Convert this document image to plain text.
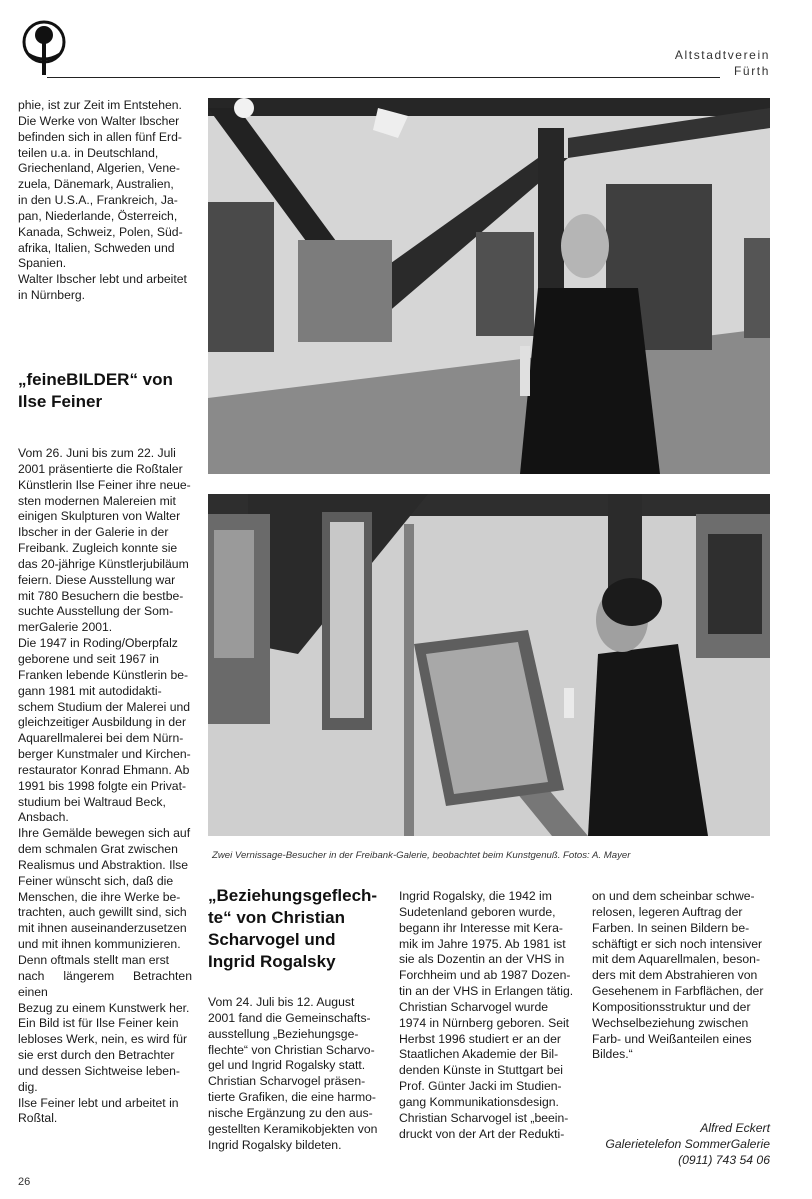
Altstadtverein
Fürth

phie, ist zur Zeit im Entstehen.
Die Werke von Walter Ibscher
befinden sich in allen fünf Erd-
teilen u.a. in Deutschland,
Griechenland, Algerien, Vene-
zuela, Dänemark, Australien,
in den U.S.A., Frankreich, Ja-
pan, Niederlande, Österreich,
Kanada, Schweiz, Polen, Süd-
afrika, Italien, Schweden und
Spanien.
Walter Ibscher lebt und arbeitet
in Nürnberg.

„feineBILDER“ von
Ilse Feiner

Vom 26. Juni bis zum 22. Juli
2001 präsentierte die Roßtaler
Künstlerin Ilse Feiner ihre neue-
sten modernen Malereien mit
einigen Skulpturen von Walter
Ibscher in der Galerie in der
Freibank. Zugleich konnte sie
das 20-jährige Künstlerjubiläum
feiern. Diese Ausstellung war
mit 780 Besuchern die bestbe-
suchte Ausstellung der Som-
merGalerie 2001.

Die 1947 in Roding/Oberpfalz
geborene und seit 1967 in
Franken lebende Künstlerin be-
gann 1981 mit autodidakti-
schem Studium der Malerei und
gleichzeitiger Ausbildung in der
Aquarellmalerei bei dem Nürn-
berger Kunstmaler und Kirchen-
restaurator Konrad Ehmann. Ab
1991 bis 1998 folgte ein Privat-
studium bei Waltraud Beck,
Ansbach.

Ihre Gemälde bewegen sich auf
dem schmalen Grat zwischen
Realismus und Abstraktion. Ilse
Feiner wünscht sich, daß die
Menschen, die ihre Werke be-
trachten, auch gewillt sind, sich
mit ihnen auseinanderzusetzen
und mit ihnen kommunizieren.
Denn oftmals stellt man erst
nach längerem Betrachten einen
Bezug zu einem Kunstwerk her.
Ein Bild ist für Ilse Feiner kein
lebloses Werk, nein, es wird für
sie erst durch den Betrachter
und dessen Sichtweise leben-
dig.

Ilse Feiner lebt und arbeitet in
Roßtal.

Zwei Vernissage-Besucher in der Freibank-Galerie, beobachtet beim Kunstgenuß. Fotos: A. Mayer
„Beziehungsgeflech-
te“ von Christian
Scharvogel und
Ingrid Rogalsky

Vom 24. Juli bis 12. August
2001 fand die Gemeinschafts-
ausstellung „Beziehungsge-
flechte“ von Christian Scharvo-
gel und Ingrid Rogalsky statt.
Christian Scharvogel präsen-
tierte Grafiken, die eine harmo-
nische Ergänzung zu den aus-
gestellten Keramikobjekten von
Ingrid Rogalsky bildeten.

Ingrid Rogalsky, die 1942 im
Sudetenland geboren wurde,
begann ihr Interesse mit Kera-
mik im Jahre 1975. Ab 1981 ist
sie als Dozentin an der VHS in
Forchheim und ab 1987 Dozen-
tin an der VHS in Erlangen tätig.
Christian Scharvogel wurde
1974 in Nürnberg geboren. Seit
Herbst 1996 studiert er an der
Staatlichen Akademie der Bil-
denden Künste in Stuttgart bei
Prof. Günter Jacki im Studien-
gang Kommunikationsdesign.
Christian Scharvogel ist „beein-
druckt von der Art der Redukti-

on und dem scheinbar schwe-
relosen, legeren Auftrag der
Farben. In seinen Bildern be-
schäftigt er sich noch intensiver
mit dem Aquarellmalen, beson-
ders mit dem Abstrahieren von
Gesehenem in Farbflächen, der
Kompositionsstruktur und der
Wechselbeziehung zwischen
Farb- und Weißanteilen eines
Bildes.“

Alfred Eckert
Galerietelefon SommerGalerie
(0911) 743 54 06
26
